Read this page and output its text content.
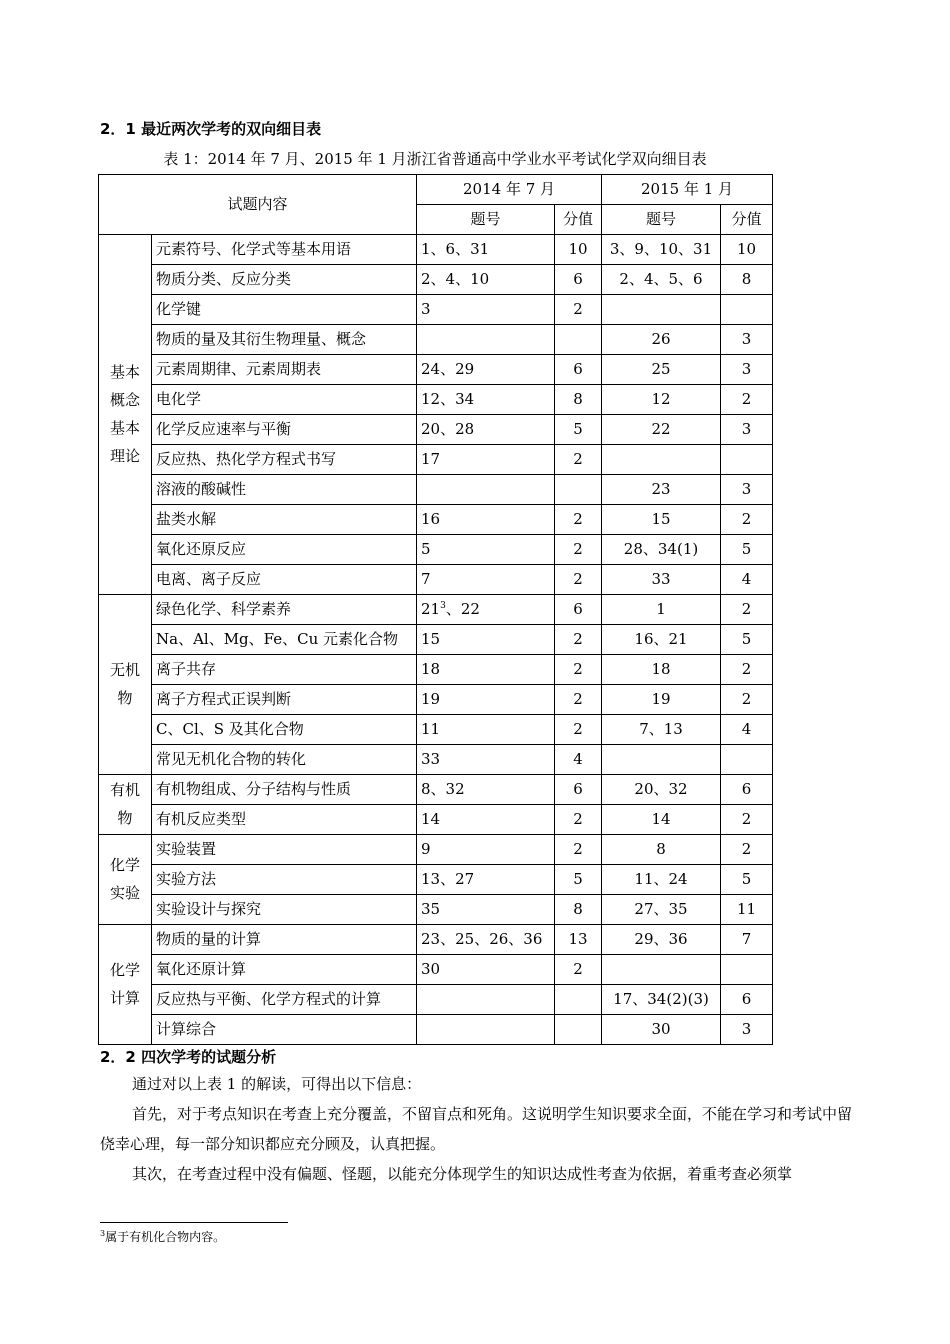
2．1 最近两次学考的双向细目表
表 1：2014 年 7 月、2015 年 1 月浙江省普通高中学业水平考试化学双向细目表
试题内容		2014 年 7 月		2015 年 1 月	
		题号	分值	题号	分值
基本概念基本理论	元素符号、化学式等基本用语	1、6、31	10	3、9、10、31	10
	物质分类、反应分类	2、4、10	6	2、4、5、6	8
	化学键	3	2		
	物质的量及其衍生物理量、概念			26	3
	元素周期律、元素周期表	24、29	6	25	3
	电化学	12、34	8	12	2
	化学反应速率与平衡	20、28	5	22	3
	反应热、热化学方程式书写	17	2		
	溶液的酸碱性			23	3
	盐类水解	16	2	15	2
	氧化还原反应	5	2	28、34(1)	5
	电离、离子反应	7	2	33	4
无机物	绿色化学、科学素养	$21^3$、22	6	1	2
	Na、Al、Mg、Fe、Cu 元素化合物	15	2	16、21	5
	离子共存	18	2	18	2
	离子方程式正误判断	19	2	19	2
	C、Cl、S 及其化合物	11	2	7、13	4
	常见无机化合物的转化	33	4		
有机物	有机物组成、分子结构与性质	8、32	6	20、32	6
	有机反应类型	14	2	14	2
化学实验	实验装置	9	2	8	2
	实验方法	13、27	5	11、24	5
	实验设计与探究	35	8	27、35	11
化学计算	物质的量的计算	23、25、26、36	13	29、36	7
	氧化还原计算	30	2		
	反应热与平衡、化学方程式的计算			17、34(2)(3)	6
	计算综合			30	3
2．2 四次学考的试题分析
通过对以上表 1 的解读，可得出以下信息：
首先，对于考点知识在考查上充分覆盖，不留盲点和死角。这说明学生知识要求全面，不能在学习和考试中留侥幸心理，每一部分知识都应充分顾及，认真把握。
其次，在考查过程中没有偏题、怪题，以能充分体现学生的知识达成性考查为依据，着重考查必须掌
$^3$属于有机化合物内容。
